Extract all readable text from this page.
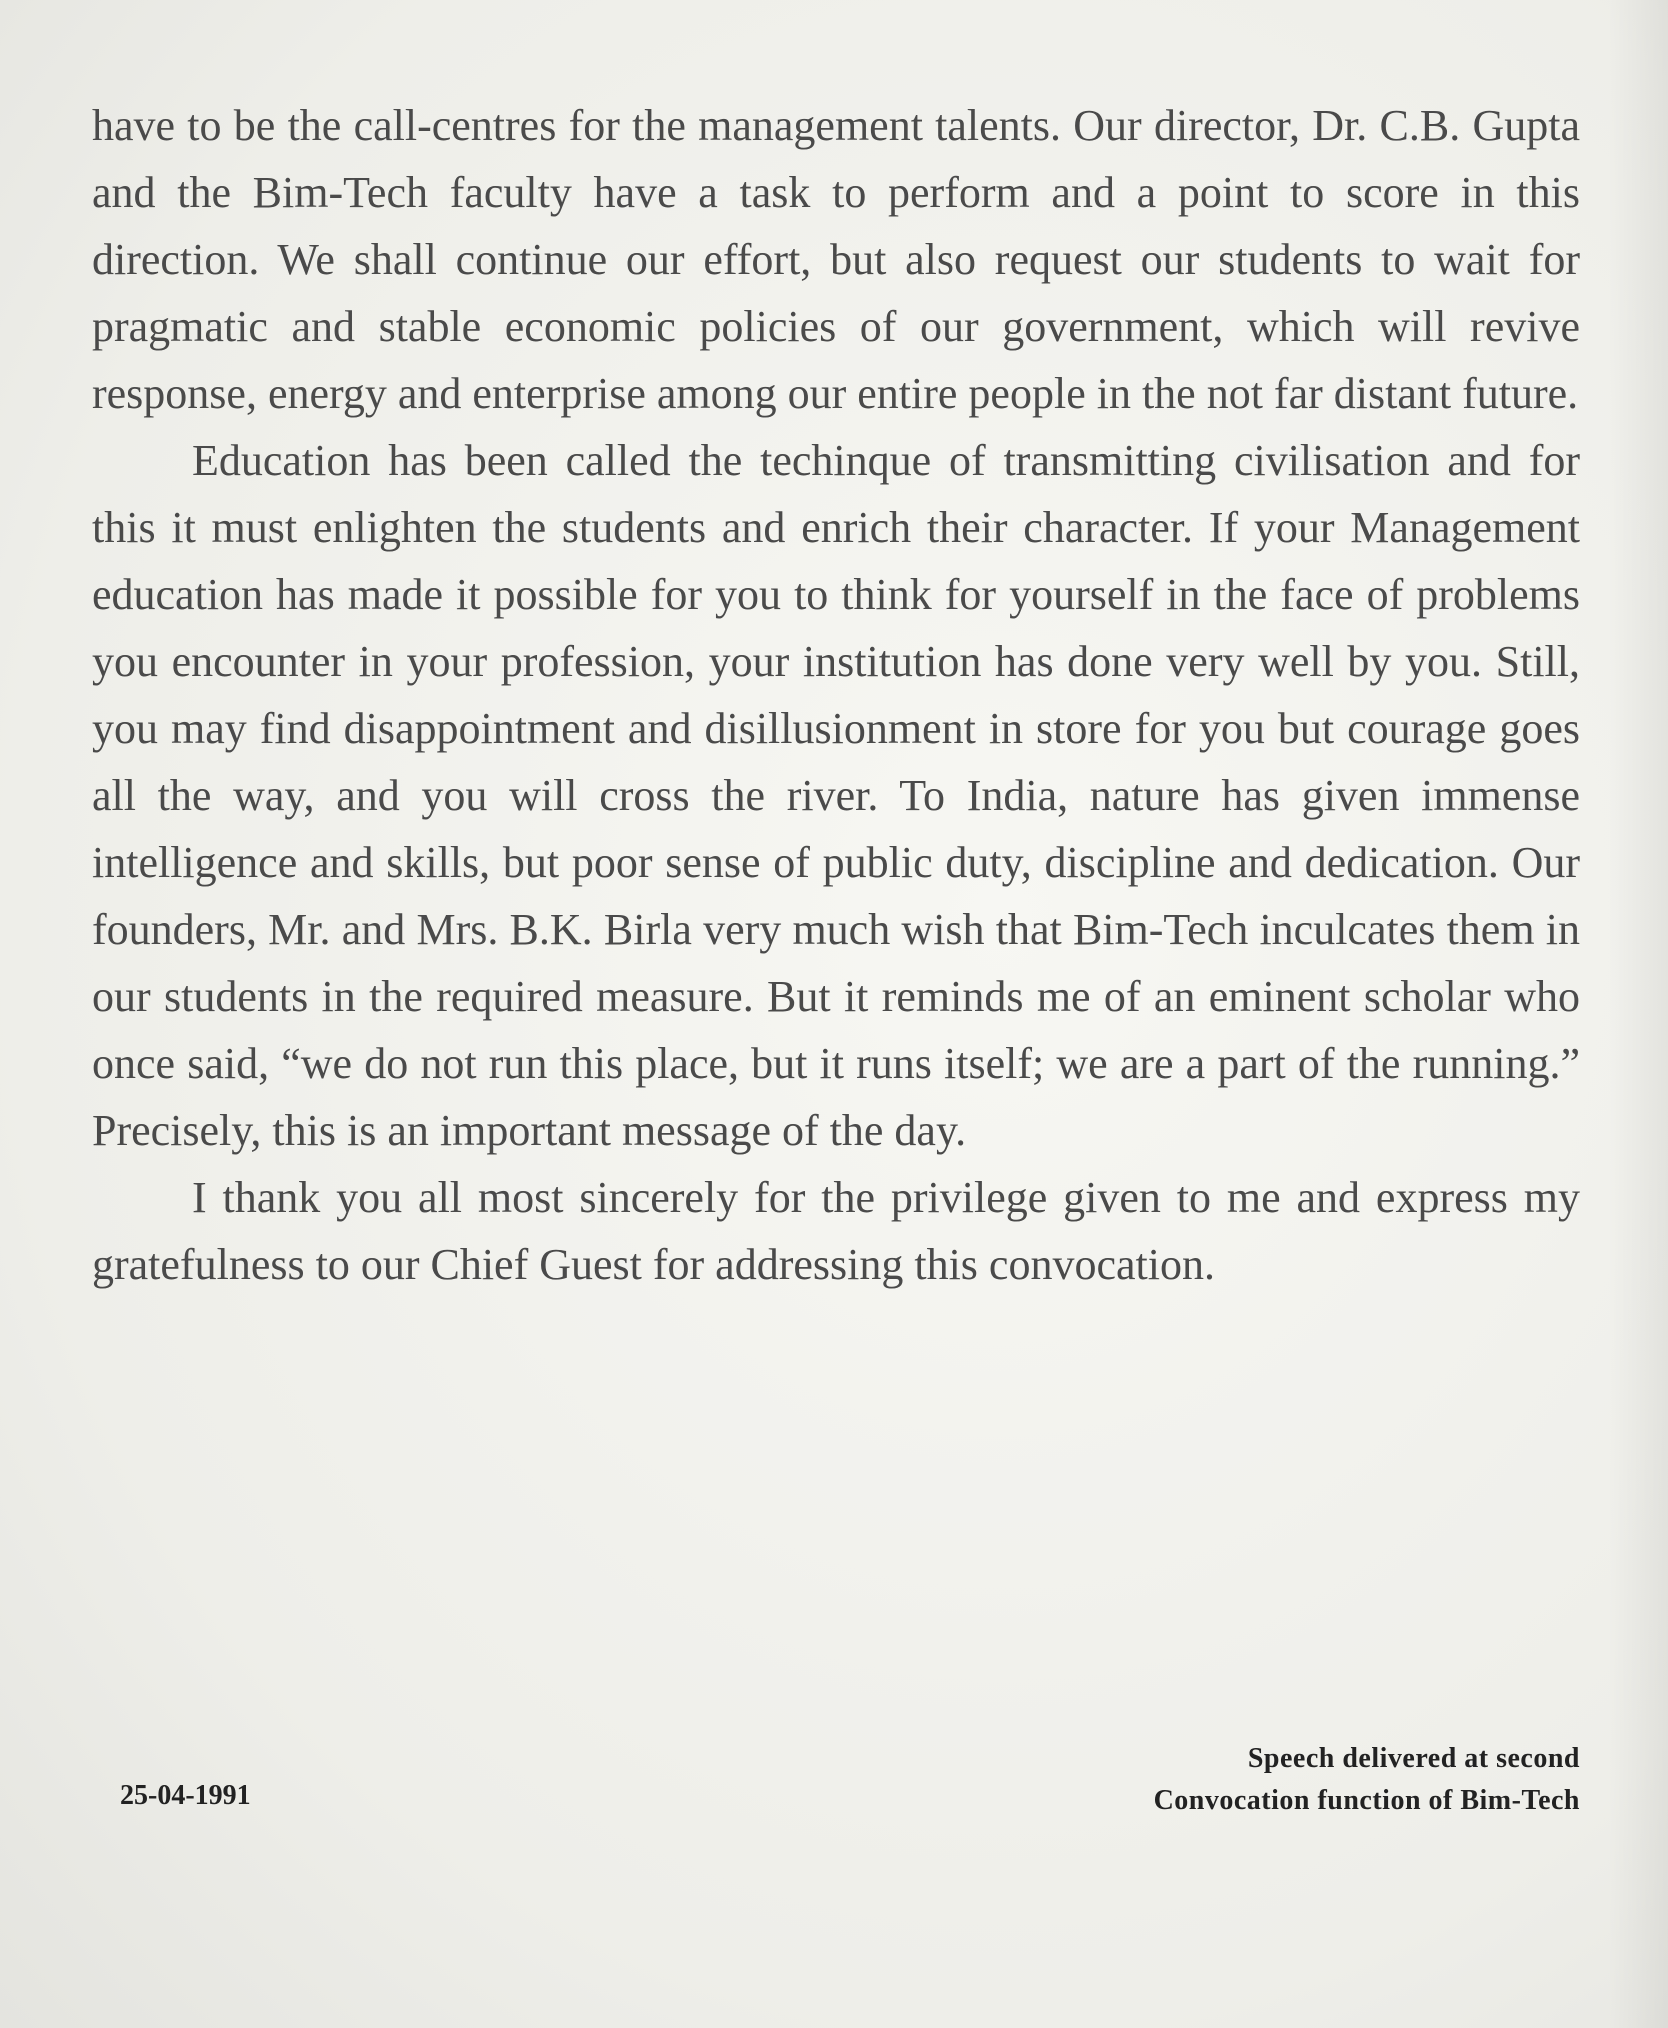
have to be the call-centres for the management talents. Our director, Dr. C.B. Gupta and the Bim-Tech faculty have a task to perform and a point to score in this direction. We shall continue our effort, but also request our students to wait for pragmatic and stable economic policies of our government, which will revive response, energy and enterprise among our entire people in the not far distant future.

Education has been called the techinque of transmitting civilisation and for this it must enlighten the students and enrich their character. If your Management education has made it possible for you to think for yourself in the face of problems you encounter in your profession, your institution has done very well by you. Still, you may find disappointment and disillusionment in store for you but courage goes all the way, and you will cross the river. To India, nature has given immense intelligence and skills, but poor sense of public duty, discipline and dedication. Our founders, Mr. and Mrs. B.K. Birla very much wish that Bim-Tech inculcates them in our students in the required measure. But it reminds me of an eminent scholar who once said, “we do not run this place, but it runs itself; we are a part of the running.” Precisely, this is an important message of the day.

I thank you all most sincerely for the privilege given to me and express my gratefulness to our Chief Guest for addressing this convocation.

25-04-1991
Speech delivered at second
Convocation function of Bim-Tech
